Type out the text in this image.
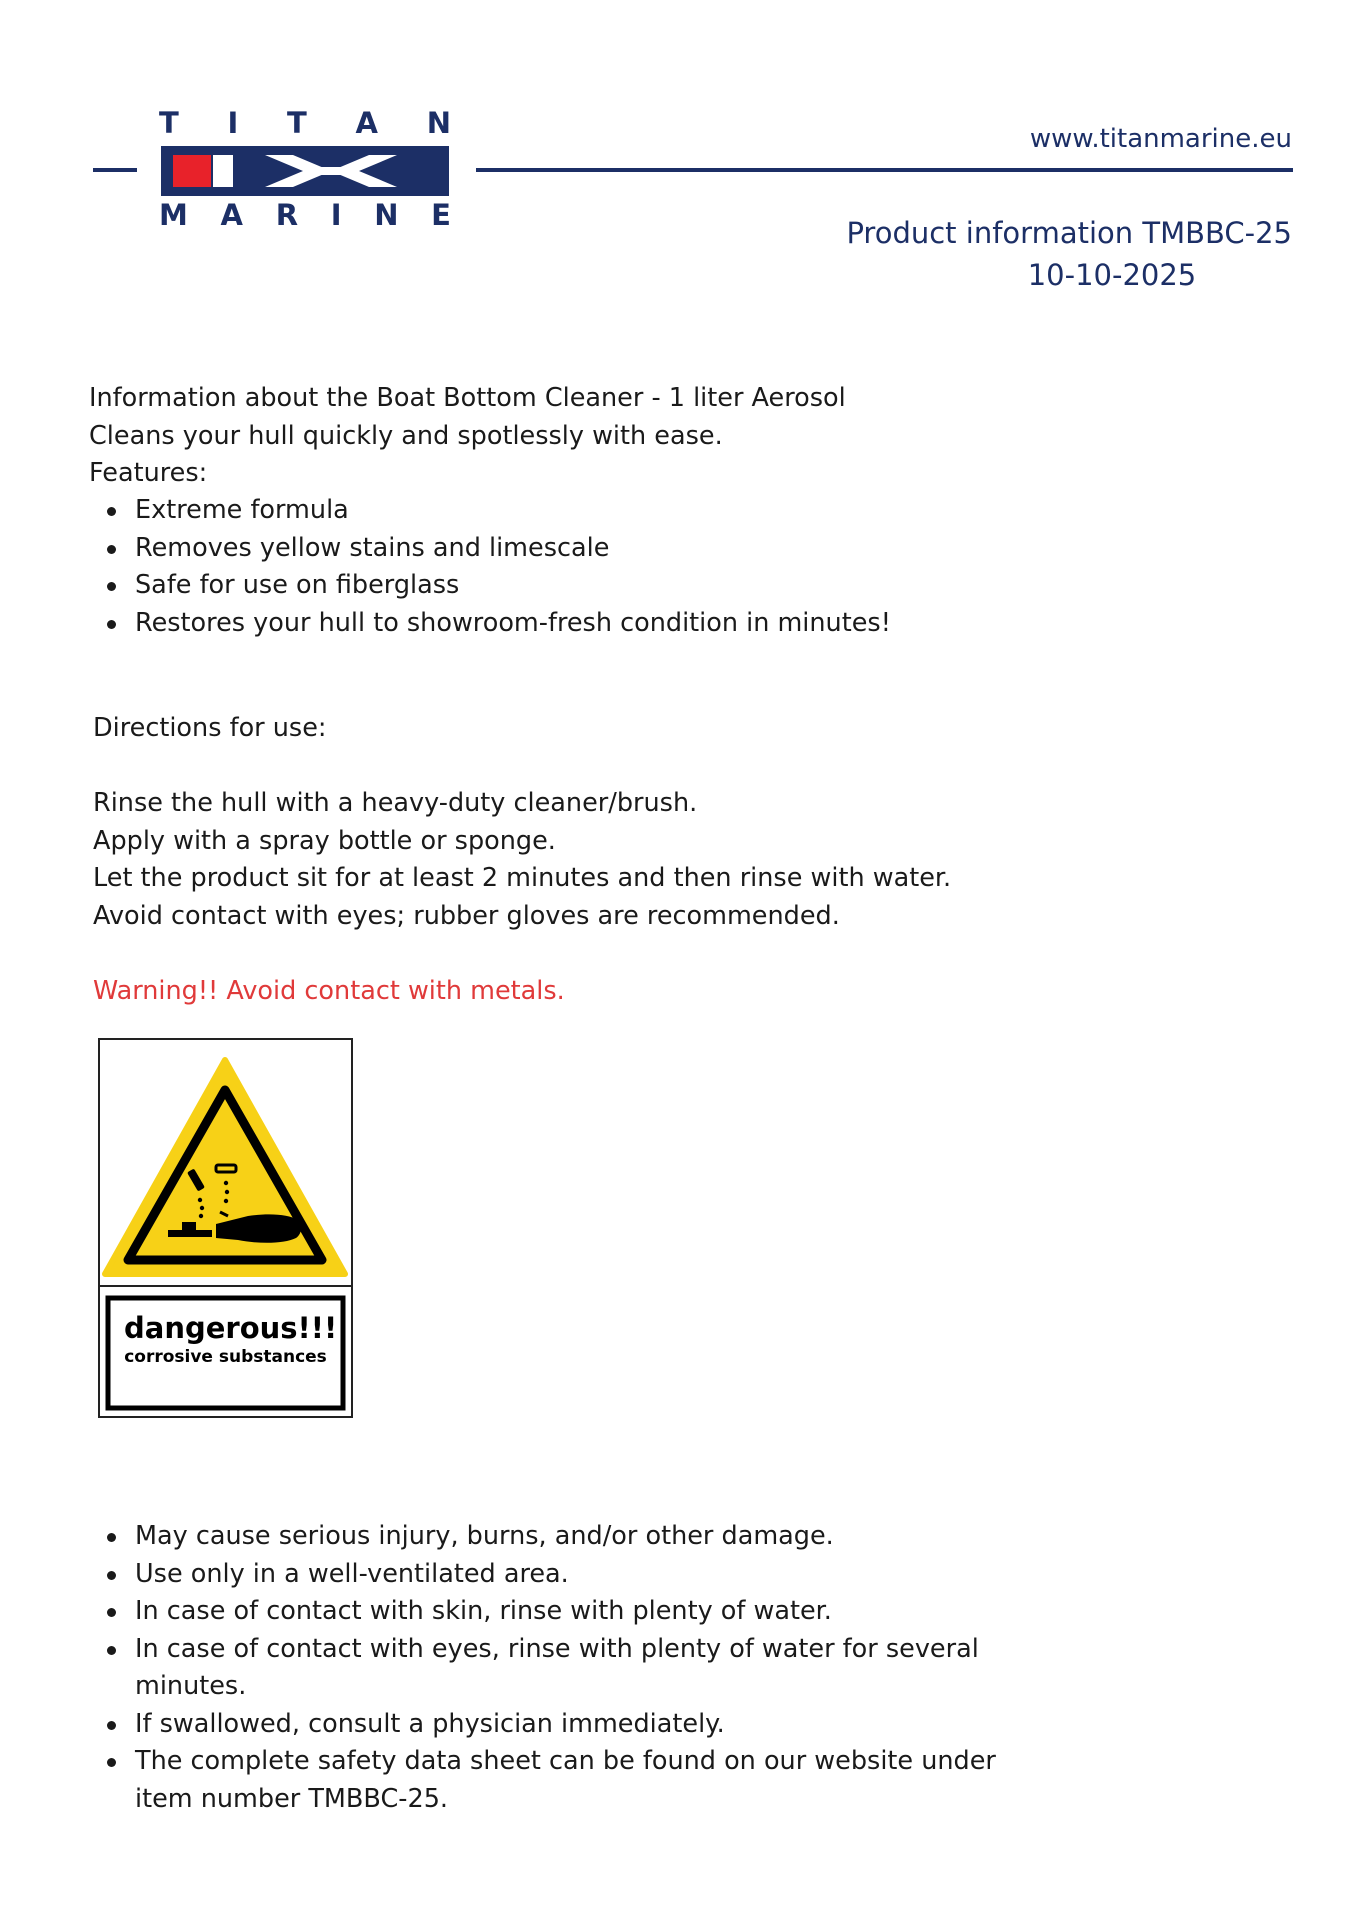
T I T A N
M A R I N E
www.titanmarine.eu
Product information TMBBC-25
10-10-2025
Information about the Boat Bottom Cleaner - 1 liter Aerosol
Cleans your hull quickly and spotlessly with ease.
Features:
Extreme formula
Removes yellow stains and limescale
Safe for use on fiberglass
Restores your hull to showroom-fresh condition in minutes!
Directions for use:
Rinse the hull with a heavy-duty cleaner/brush.
Apply with a spray bottle or sponge.
Let the product sit for at least 2 minutes and then rinse with water.
Avoid contact with eyes; rubber gloves are recommended.
Warning!! Avoid contact with metals.
dangerous!!!
corrosive substances
May cause serious injury, burns, and/or other damage.
Use only in a well-ventilated area.
In case of contact with skin, rinse with plenty of water.
In case of contact with eyes, rinse with plenty of water for several minutes.
If swallowed, consult a physician immediately.
The complete safety data sheet can be found on our website under item number TMBBC-25.
